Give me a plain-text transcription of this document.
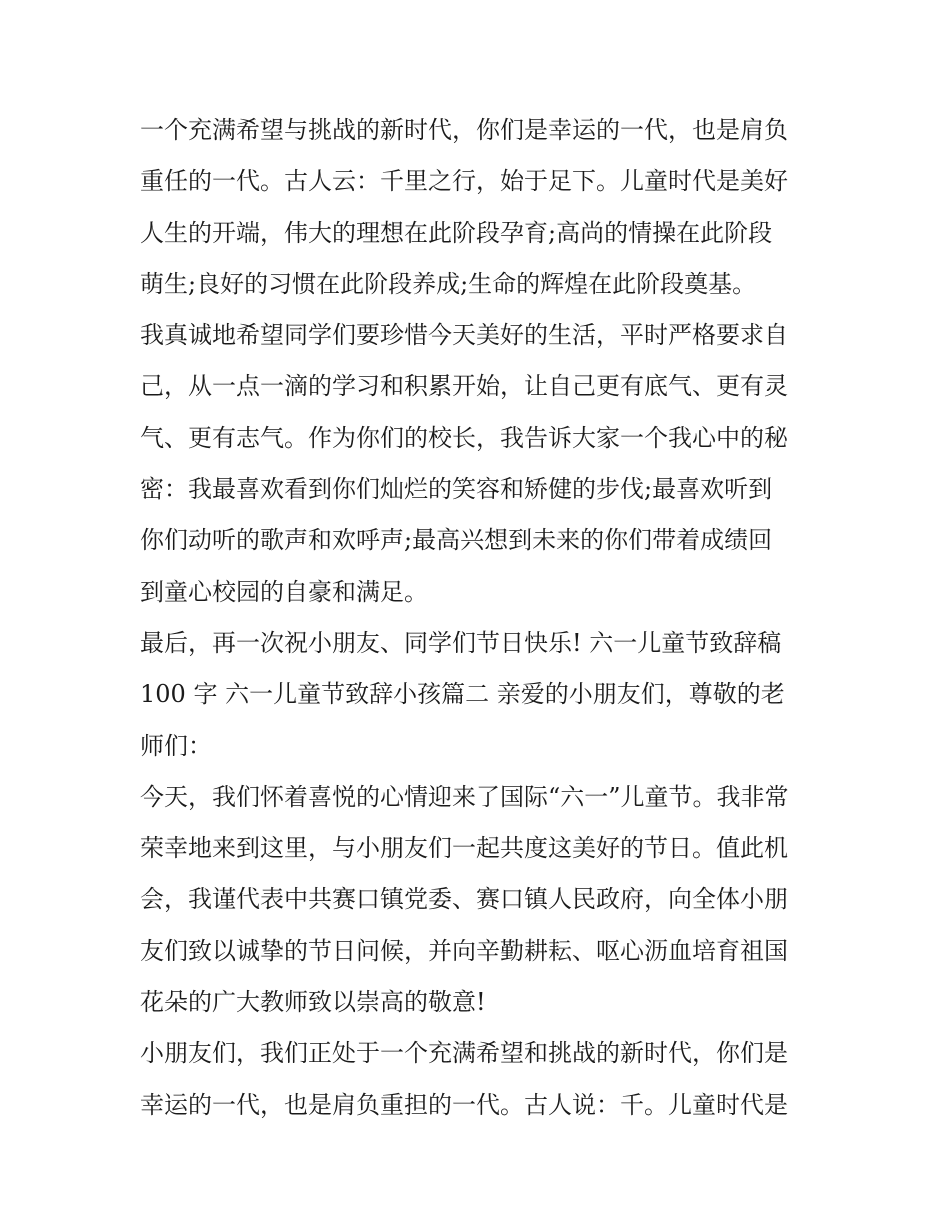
一个充满希望与挑战的新时代，你们是幸运的一代，也是肩负
重任的一代。古人云：千里之行，始于足下。儿童时代是美好
人生的开端，伟大的理想在此阶段孕育;高尚的情操在此阶段
萌生;良好的习惯在此阶段养成;生命的辉煌在此阶段奠基。
我真诚地希望同学们要珍惜今天美好的生活，平时严格要求自
己，从一点一滴的学习和积累开始，让自己更有底气、更有灵
气、更有志气。作为你们的校长，我告诉大家一个我心中的秘
密：我最喜欢看到你们灿烂的笑容和矫健的步伐;最喜欢听到
你们动听的歌声和欢呼声;最高兴想到未来的你们带着成绩回
到童心校园的自豪和满足。
最后，再一次祝小朋友、同学们节日快乐! 六一儿童节致辞稿
100 字 六一儿童节致辞小孩篇二 亲爱的小朋友们，尊敬的老
师们：
今天，我们怀着喜悦的心情迎来了国际“六一”儿童节。我非常
荣幸地来到这里，与小朋友们一起共度这美好的节日。值此机
会，我谨代表中共赛口镇党委、赛口镇人民政府，向全体小朋
友们致以诚挚的节日问候，并向辛勤耕耘、呕心沥血培育祖国
花朵的广大教师致以崇高的敬意!
小朋友们，我们正处于一个充满希望和挑战的新时代，你们是
幸运的一代，也是肩负重担的一代。古人说：千。儿童时代是
